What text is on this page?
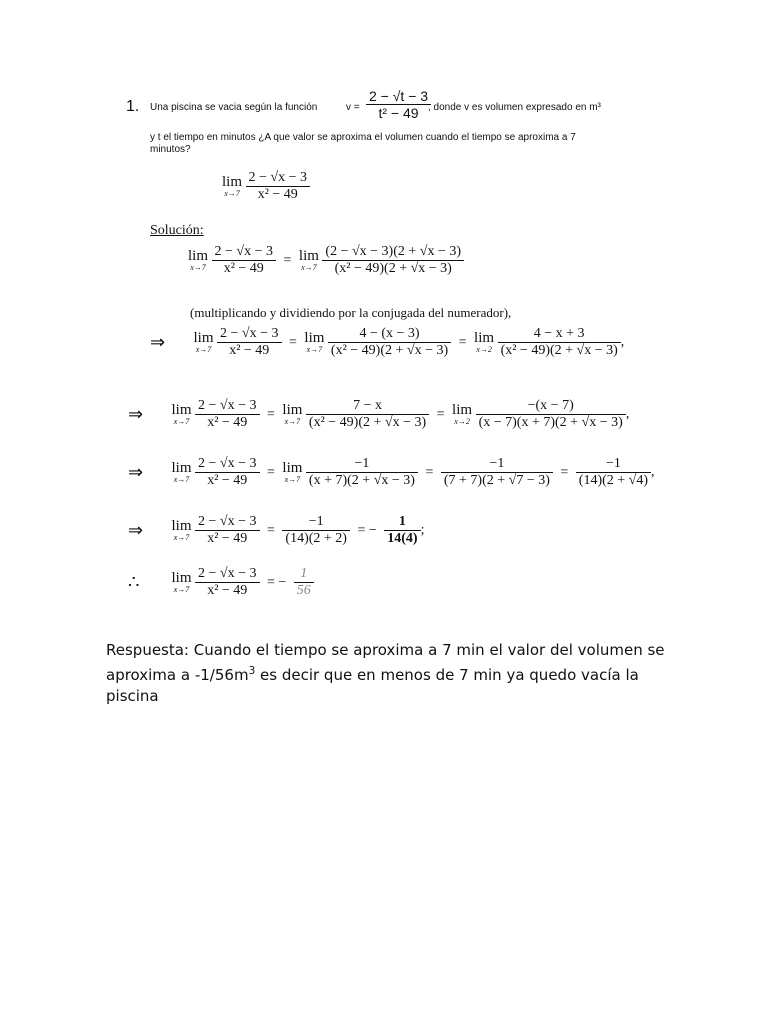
1. Una piscina se vacia según la función	$v = \frac{2 - √t - 3}{\text{t² − 49}}$
, donde v es volumen expresado en m³
y t el tiempo en minutos ¿A que valor se aproxima el volumen cuando el tiempo se aproxima a 7
minutos?
lim
x→7
$\frac{2 - √x - 3}{\text{x² − 49}}$
Solución:
lim
x→7
$\frac{2 - √x - 3}{\text{x² − 49}} = \lim$
x→7
$\frac{(2 - √x - 3)(2 + √x - 3)}{\text{(x² − 49)(2 + √x − 3)}}$
(multiplicando y dividiendo por la conjugada del numerador),
⇒ lim
x→7
$\frac{2 - √x - 3}{\text{x² − 49}} = \lim$
x→7
$\frac{4 - (x - 3)}{\text{(x² − 49)(2 + √x − 3)}} = \lim$
x→2
$\frac{4 - x + 3}{\text{(x² − 49)(2 + √x − 3)}}$ ,
⇒ lim
x→7
$\frac{2 - √x - 3}{\text{x² − 49}} = \lim$
x→7
$\frac{7 - x}{\text{(x² − 49)(2 + √x − 3)}} = \lim$
x→2
$\frac{-(x - 7)}{(x - 7)(x + 7)(2 + √x - 3)}$ ,
⇒ lim
x→7
$\frac{2 - √x - 3}{\text{x² − 49}} = \lim$
x→7
$\frac{-1}{(x + 7)(2 + √x - 3)} = \frac{-1}{(7 + 7)(2 + √7 - 3)} = \frac{-1}{(14)(2 + √4)}$ ,
⇒ lim
x→7
$\frac{2 - √x - 3}{\text{x² − 49}} = \frac{-1}{(14)(2 + 2)}$ = − $\frac{1}{14(4)}$ ;
∴ lim
x→7
$\frac{2 - √x - 3}{\text{x² − 49}}$ = − $\frac{1}{56}$
Respuesta: Cuando el tiempo se aproxima a 7 min el valor del volumen se aproxima a $-1/56m^3$ es decir que en menos de 7 min ya quedo vacía la piscina
